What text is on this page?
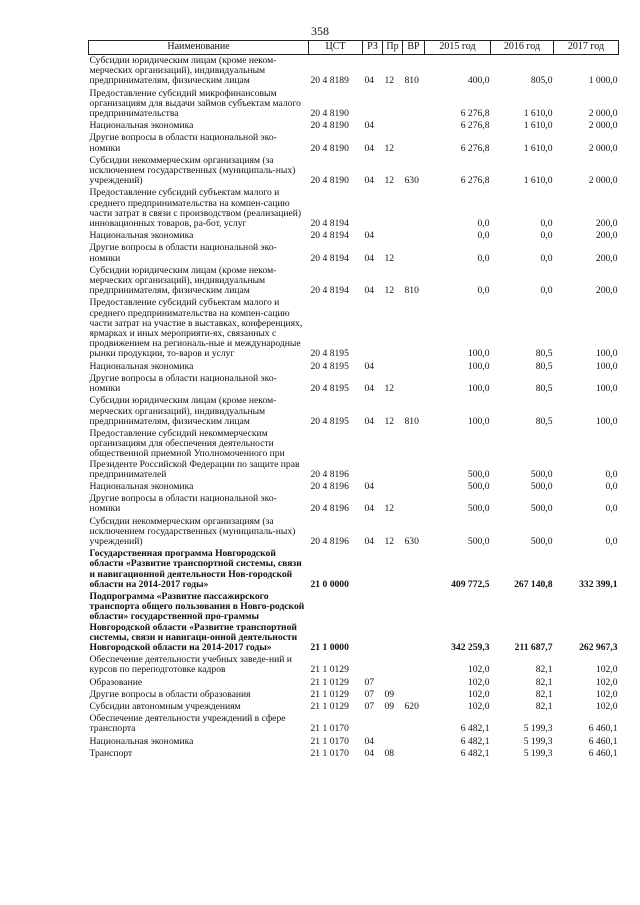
358
Наименование	ЦСТ	РЗ	Пр	ВР	2015 год	2016 год	2017 год
Субсидии юридическим лицам (кроме неком-мерческих организаций), индивидуальным предпринимателям, физическим лицам	20 4 8189	04	12	810	400,0	805,0	1 000,0
Предоставление субсидий микрофинансовым организациям для выдачи займов субъектам малого предпринимательства	20 4 8190				6 276,8	1 610,0	2 000,0
Национальная экономика	20 4 8190	04			6 276,8	1 610,0	2 000,0
Другие вопросы в области национальной эко-номики	20 4 8190	04	12		6 276,8	1 610,0	2 000,0
Субсидии некоммерческим организациям (за исключением государственных (муниципаль-ных) учреждений)	20 4 8190	04	12	630	6 276,8	1 610,0	2 000,0
Предоставление субсидий субъектам малого и среднего предпринимательства на компен-сацию части затрат в связи с производством (реализацией) инновационных товаров, ра-бот, услуг	20 4 8194				0,0	0,0	200,0
Национальная экономика	20 4 8194	04			0,0	0,0	200,0
Другие вопросы в области национальной эко-номики	20 4 8194	04	12		0,0	0,0	200,0
Субсидии юридическим лицам (кроме неком-мерческих организаций), индивидуальным предпринимателям, физическим лицам	20 4 8194	04	12	810	0,0	0,0	200,0
Предоставление субсидий субъектам малого и среднего предпринимательства на компен-сацию части затрат на участие в выставках, конференциях, ярмарках и иных мероприяти-ях, связанных с продвижением на региональ-ные и международные рынки продукции, то-варов и услуг	20 4 8195				100,0	80,5	100,0
Национальная экономика	20 4 8195	04			100,0	80,5	100,0
Другие вопросы в области национальной эко-номики	20 4 8195	04	12		100,0	80,5	100,0
Субсидии юридическим лицам (кроме неком-мерческих организаций), индивидуальным предпринимателям, физическим лицам	20 4 8195	04	12	810	100,0	80,5	100,0
Предоставление субсидий некоммерческим организациям для обеспечения деятельности общественной приемной Уполномоченного при Президенте Российской Федерации по защите прав предпринимателей	20 4 8196				500,0	500,0	0,0
Национальная экономика	20 4 8196	04			500,0	500,0	0,0
Другие вопросы в области национальной эко-номики	20 4 8196	04	12		500,0	500,0	0,0
Субсидии некоммерческим организациям (за исключением государственных (муниципаль-ных) учреждений)	20 4 8196	04	12	630	500,0	500,0	0,0
Государственная программа Новгородской области «Развитие транспортной системы, связи и навигационной деятельности Нов-городской области на 2014-2017 годы»	21 0 0000				409 772,5	267 140,8	332 399,1
Подпрограмма «Развитие пассажирского транспорта общего пользования в Новго-родской области» государственной про-граммы Новгородской области «Развитие транспортной системы, связи и навигаци-онной деятельности Новгородской области на 2014-2017 годы»	21 1 0000				342 259,3	211 687,7	262 967,3
Обеспечение деятельности учебных заведе-ний и курсов по переподготовке кадров	21 1 0129				102,0	82,1	102,0
Образование	21 1 0129	07			102,0	82,1	102,0
Другие вопросы в области образования	21 1 0129	07	09		102,0	82,1	102,0
Субсидии автономным учреждениям	21 1 0129	07	09	620	102,0	82,1	102,0
Обеспечение деятельности учреждений в сфере транспорта	21 1 0170				6 482,1	5 199,3	6 460,1
Национальная экономика	21 1 0170	04			6 482,1	5 199,3	6 460,1
Транспорт	21 1 0170	04	08		6 482,1	5 199,3	6 460,1
